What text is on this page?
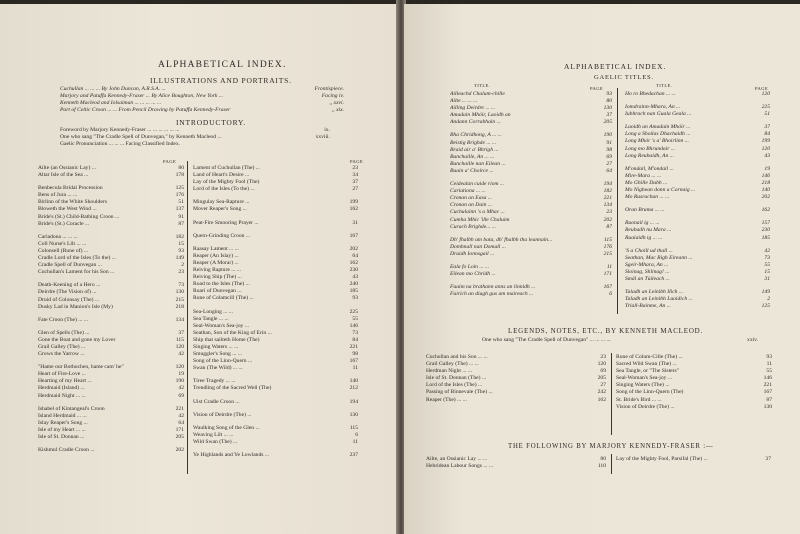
ALPHABETICAL INDEX.
ILLUSTRATIONS AND PORTRAITS.
Cuchullan ... ... ... By John Duncan, A.R.S.A. ...	Frontispiece.
Marjory and Patuffa Kennedy-Fraser ... By Alice Boughton, New York ...	Facing iv.
Kenneth Macleod and Iolsaiman ... ... ... ... ...	,, xxvi.
Part of Celtic Croon ... ... From Pencil Drawing by Patuffa Kennedy-Fraser	,, xix.
INTRODUCTORY.
Foreword by Marjory Kennedy-Fraser ... ... ... ... ... ...	ix.
One who sang "The Cradle Spell of Dunvegan," by Kenneth Macleod ...	xxviii.
Gaelic Pronunciation ... ... ... Facing Classified Index.
PAGE	PAGE
Ailte (an Ossianic Lay) ...	80
Altar Isle of the Sea ...	178
Benbecula Bridal Procession	125
Bens of Jura ... ...	176
Birlinn of the White Shoulders	51
Bloweth the West Wind ...	137
Bride's (St.) Child-Bathing Croon ...	91
Bride's (St.) Coracle ...	87
Cariadona ... ... ...	182
Coll Nurse's Lilt ... ...	15
Colonsell (Rune of) ...	93
Cradle Lord of the Isles (To the) ...	149
Cradle Spell of Dunvegan ...	2
Cuchullan's Lament for his Son ...	23
Death-Keening of a Hero ...	73
Deirdre (The Vision of) ...	130
Druid of Colonsay (The) ...	215
Dusky Lad in Manion's Isle (My)	218
Fate Croon (The) ... ...	134
Glen of Spells (The) ...	37
Gone the Boat and gone my Lover	115
Grail Galley (The) ...	120
Grows the Yarrow ...	42
"Hame our Bothochen, hame cam' he"	120
Heart of Fire-Love ...	19
Hearting of my Heart ...	190
Herdmaid (Island) ...	42
Herdmaid Night ... ...	69
Ishabel of Kintangeal's Croon	221
Island Herdmaid ... ...	42
Islay Reaper's Song ...	64
Isle of my Heart ... ...	171
Isle of St. Donnan ...	205
Kishmul Cradle Croon ...	202
Lament of Cuchullan (The) ...	23
Land of Heart's Desire ...	34
Lay of the Mighty Fool (The)	37
Lord of the Isles (To the) ...	27
Mingulay Sea-Rapture ...	199
Mover Reaper's Song ...	162
Peat-Fire Smooring Prayer ...	31
Quern-Grinding Croon ...	167
Raasay Lament ... ...	202
Reaper (An Islay) ...	64
Reaper (A Morar) ...	162
Reiving Rapture ... ...	230
Reiving Ship (The) ...	43
Road to the Isles (The) ...	240
Ruari of Dunvegan ...	185
Rune of Colamcill (The) ...	93
Sea-Longing ... ...	225
Sea Tangle ... ...	55
Seal-Woman's Sea-joy ...	146
Seathan, Son of the King of Erin ...	73
Ship that sailteth Home (The)	84
Singing Waters ... ...	221
Smuggler's Song ... ...	98
Song of the Linn-Quern ...	167
Swan (The Wild) ... ...	11
Tiree Tragedy ... ...	140
Trendling of the Sacred Well (The)	212
Uist Cradle Croon ...	194
Vision of Deirdre (The) ...	130
Waulking Song of the Glen ...	115
Weaving Lilt ... ...	6
Wild Swan (The) ...	11
Ye Highlands and Ye Lowlands ...	237
ALPHABETICAL INDEX.
GAELIC TITLES.
TITLE.
PAGE
TITLE.
PAGE
Ailleachd Chalum-chille	93
Ailte ... ... ...	80
Ailling Deirdre ... ...	130
Amadain Mhóir, Laoidh an	37
Andann Corrabhain ...	205
Bha Chridhong, A ... ...	190
Beistig Brighde ... ...	91
Braid air a' Bhrigh ...	98
Bunchaille, An ... ...	69
Bunchaille nan Eilean ...	27
Buain a' Choirce ...	64
Ceidealan cuide riom ...	194
Cariationa ... ...	182
Cronan an Easa ...	221
Cronan an Dain ...	134
Cuchulainn 's a Mhac ...	23
Cumha Mhic 'ille Chaluim	202
Curach Brighde... ...	87
Dh' fhalbh am bata, dh' fhalbh tha leannain...	115
Domhnall nan Domall ...	176
Druidh Ionnsgail ...	215
Eala fo Loin ... ...	11
Eilean mo Chridh ...	171
Fuaim na brathann anns an linnidh ...	167
Fuirich an diugh gus am maireach ...	6
Ho ro Bhedachan ... ...	120
Iomdrainn-Mhara, An ...	225
Iubhrach nan Guala Geala ...	51
Laoidh an Amadain Mhóir ...	37
Long a Shoilas Dhachaidh ...	84
Long Mhór 's a' Bhoirlinn ...	199
Long mo Bhrundair ...	120
Long Reubaidh, An ...	43
M'ondail, M'ondail ...	19
Mire-Mara ... ...	146
Mo Ghille Dubh ...	218
Mo Nighean donn a Cornaig ...	140
Mo Rusrachan ... ...	202
Oran Bruma ... ...	162
Ruonail ig ... ...	157
Reubadh nu Mara ...	230
Ruaiaidh ig ... ...	185
'S a Choill ud thall ...	42
Seathan, Mac Righ Eireann ...	73
Sgeir-Mhara, An ...	55
Sloinag, Shlinag! ...	15
Smál an Tùileach ...	31
Taladh an Leinibh Ilich ...	149
Taladh an Leinibh Luoidich ...	2
Triall-Bainme, An ...	125
LEGENDS, NOTES, ETC., BY KENNETH MACLEOD.
One who sang "The Cradle Spell of Dunvegan" ... ... ... ...	xxiv.
Cuchullan and his Son ... ...	23
Grail Galley (The) ... ...	120
Herdman Night ... ...	69
Isle of St. Donnan (The) ...	205
Lord of the Isles (The) ...	27
Passing of Binnevale (The) ...	242
Reaper (The) ... ...	162
Rune of Colum-Cille (The) ...	93
Sacred Wild Swan (The) ...	11
Sea Tangle, or "The Sisters"	55
Seal-Woman's Sea-joy ...	146
Singing Waters (The) ...	221
Song of the Linn-Quern (The)	167
St. Bride's Bird ... ...	87
Vision of Deirdre (The) ...	130
THE FOLLOWING BY MARJORY KENNEDY-FRASER :—
Ailte, an Ossianic Lay ... ...	80
Hebridean Labour Songs ... ...	110
Lay of the Mighty Fool, Parsifal (The) ...	37
